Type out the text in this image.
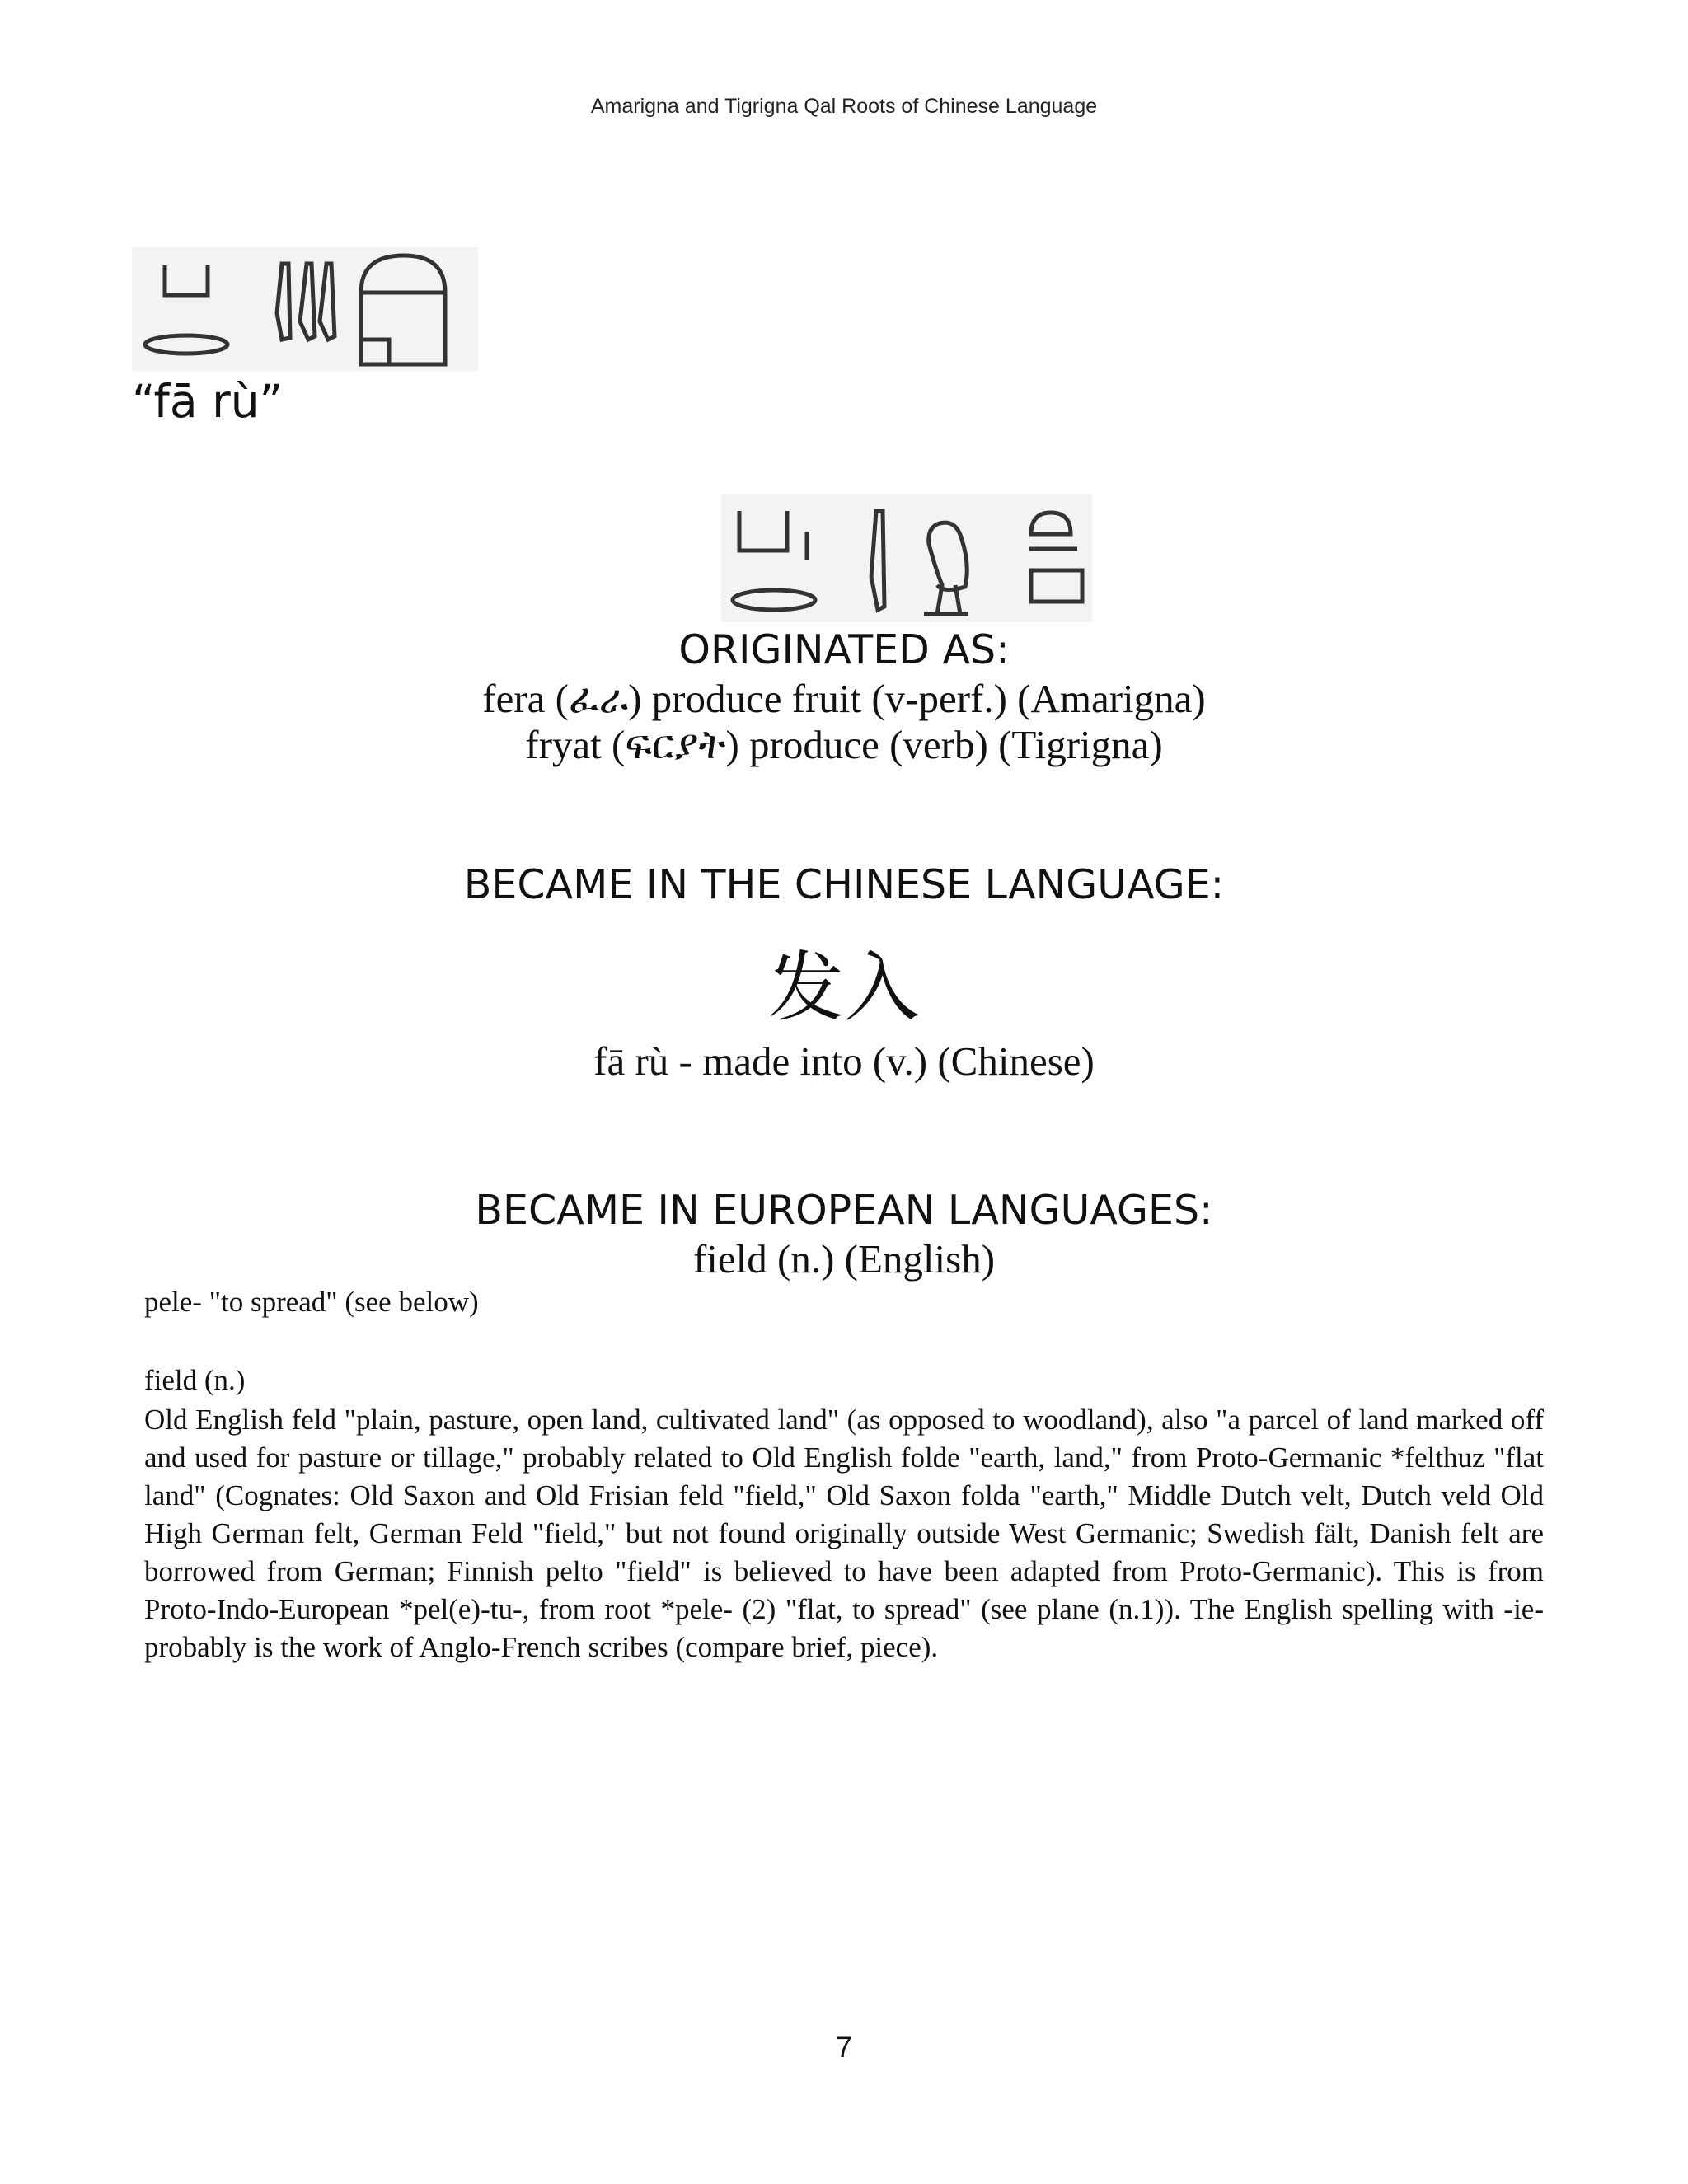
Amarigna and Tigrigna Qal Roots of Chinese Language
“fā rù”
ORIGINATED AS:
fera (ፈራ) produce fruit (v-perf.) (Amarigna)
fryat (ፍርያት) produce (verb) (Tigrigna)
BECAME IN THE CHINESE LANGUAGE:
发入
fā rù - made into (v.) (Chinese)
BECAME IN EUROPEAN LANGUAGES:
field (n.) (English)
pele- "to spread" (see below)
field (n.)
Old English feld "plain, pasture, open land, cultivated land" (as opposed to woodland), also "a parcel of land marked off and used for pasture or tillage," probably related to Old English folde "earth, land," from Proto-Germanic *felthuz "flat land" (Cognates: Old Saxon and Old Frisian feld "field," Old Saxon folda "earth," Middle Dutch velt, Dutch veld Old High German felt, German Feld "field," but not found originally outside West Germanic; Swedish fält, Danish felt are borrowed from German; Finnish pelto "field" is believed to have been adapted from Proto-Germanic). This is from Proto-Indo-European *pel(e)-tu-, from root *pele- (2) "flat, to spread" (see plane (n.1)). The English spelling with -ie- probably is the work of Anglo-French scribes (compare brief, piece).
7
